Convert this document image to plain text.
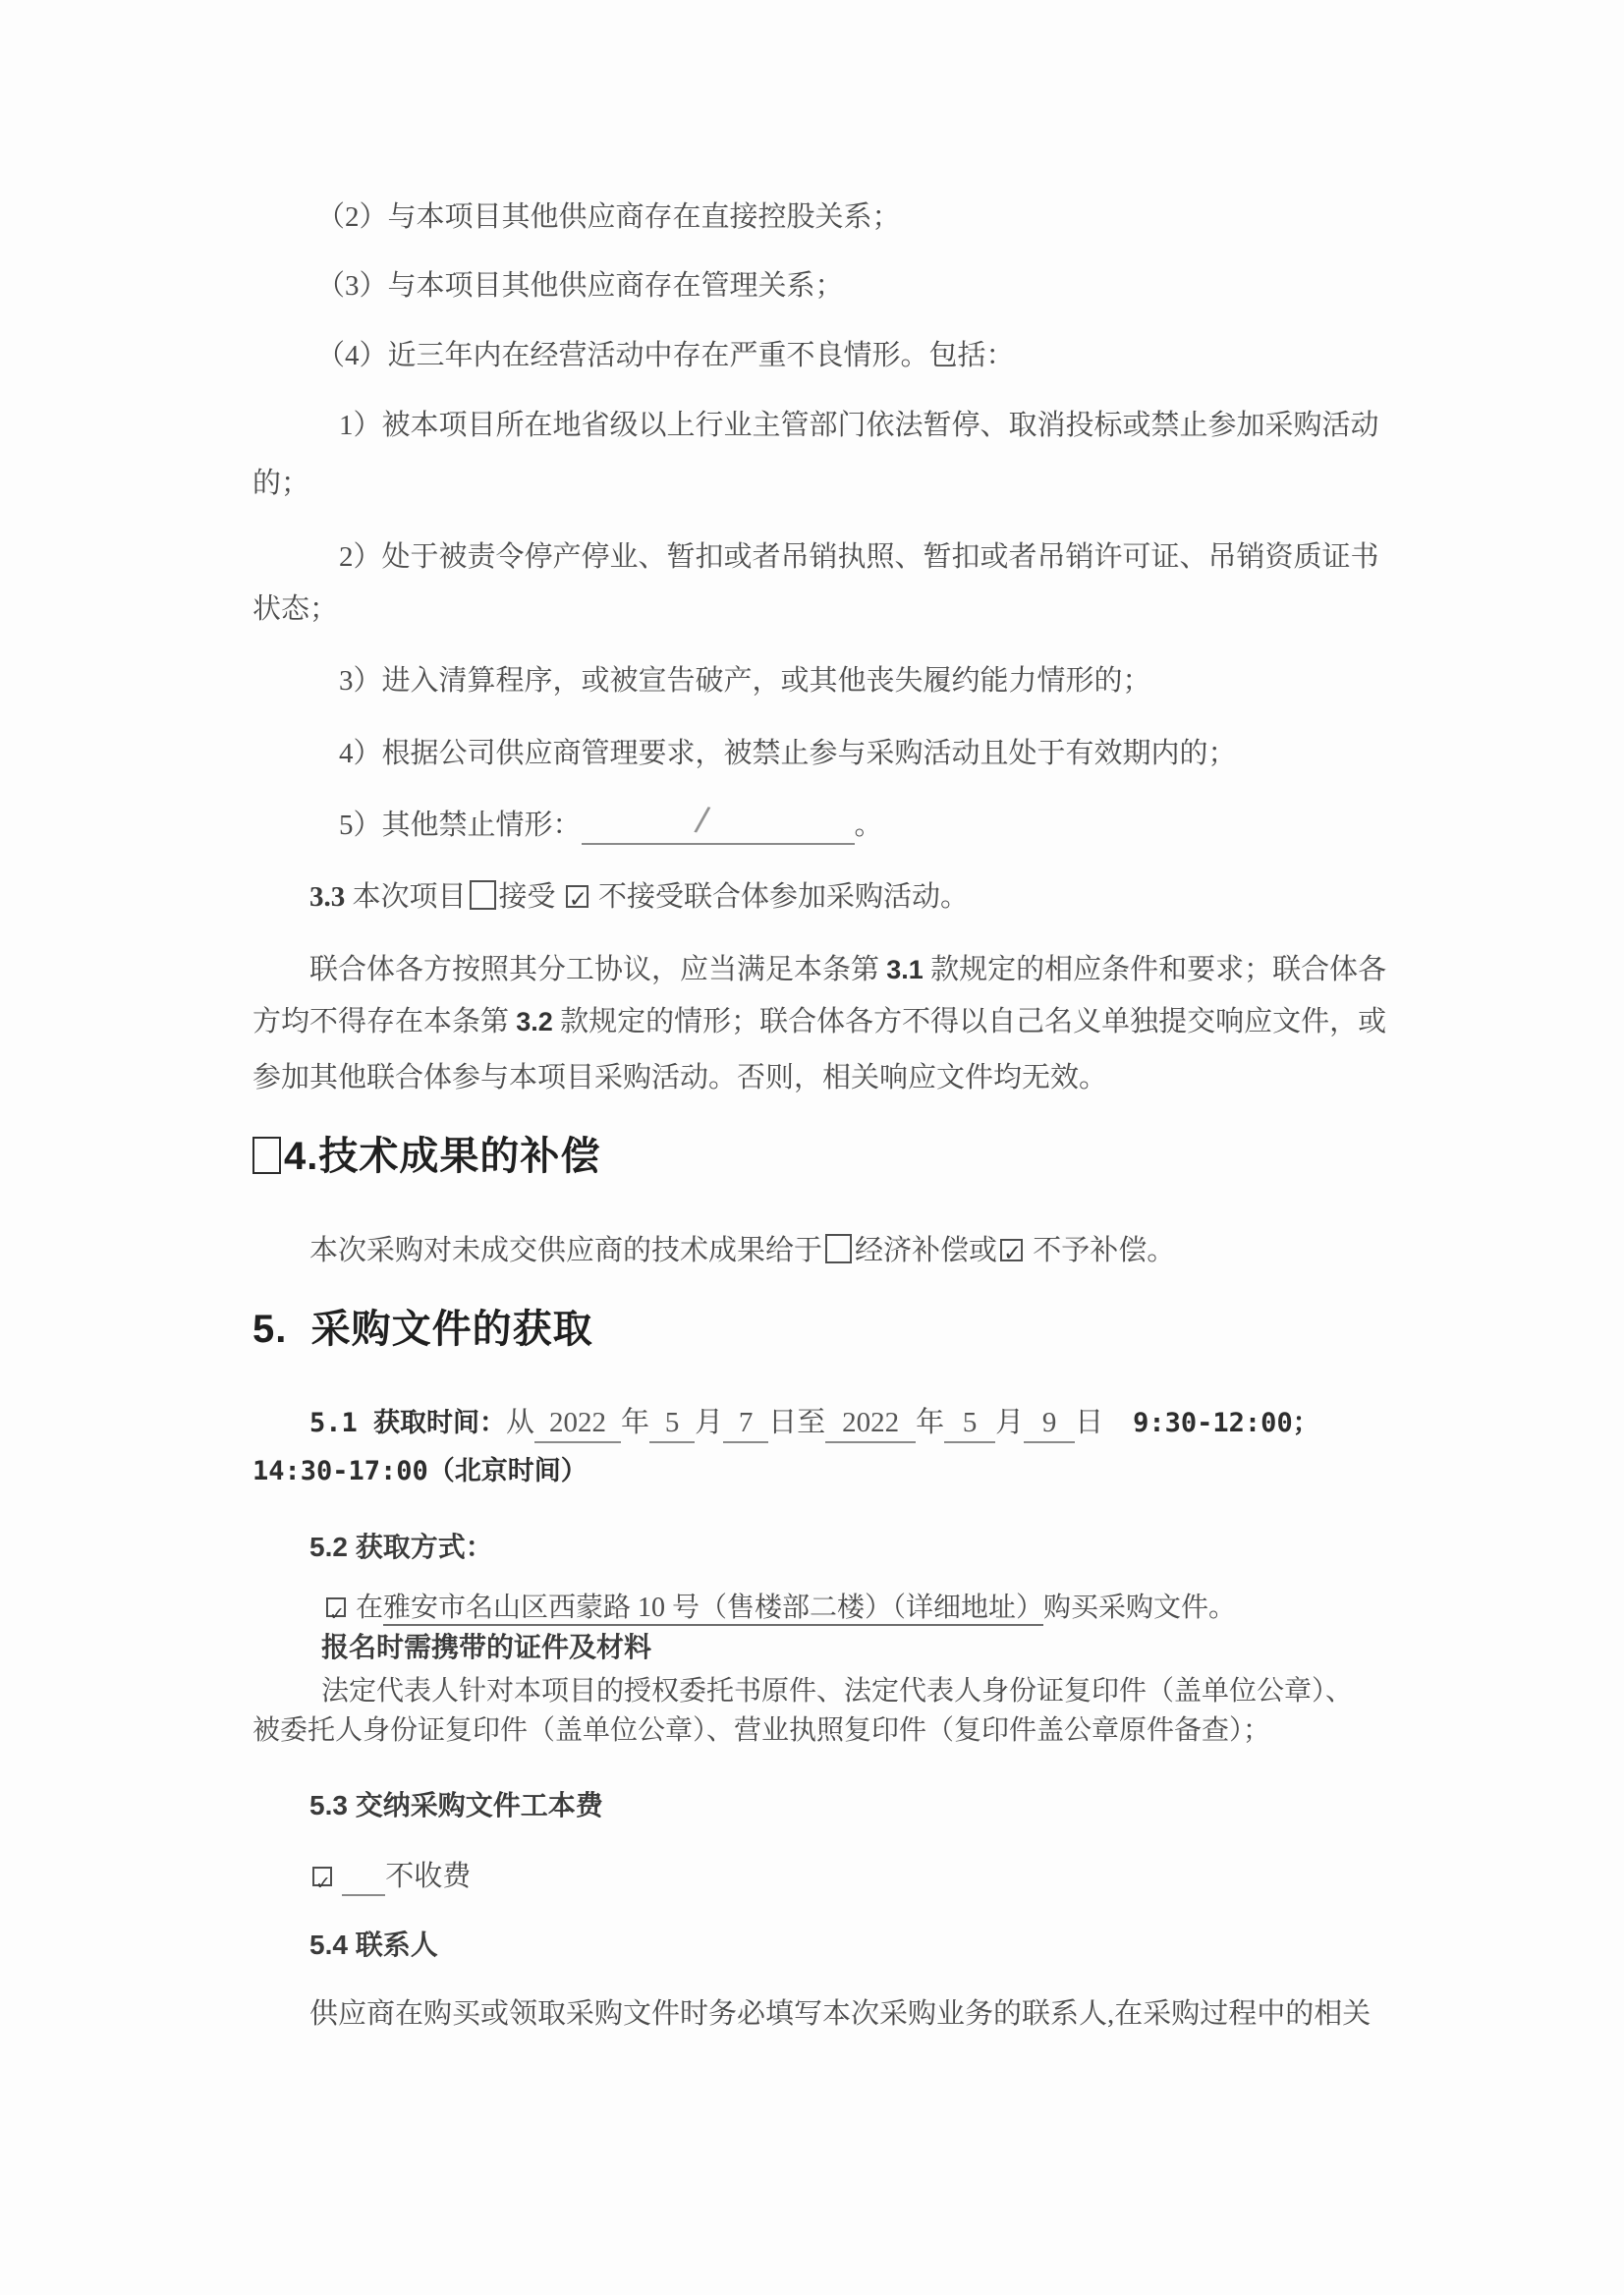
（2）与本项目其他供应商存在直接控股关系；
（3）与本项目其他供应商存在管理关系；
（4）近三年内在经营活动中存在严重不良情形。包括：
1）被本项目所在地省级以上行业主管部门依法暂停、取消投标或禁止参加采购活动
的；
2）处于被责令停产停业、暂扣或者吊销执照、暂扣或者吊销许可证、吊销资质证书
状态；
3）进入清算程序，或被宣告破产，或其他丧失履约能力情形的；
4）根据公司供应商管理要求，被禁止参与采购活动且处于有效期内的；
5）其他禁止情形：	/	。
3.3 本次项目 接受 ✓ 不接受联合体参加采购活动。
联合体各方按照其分工协议，应当满足本条第 3.1 款规定的相应条件和要求；联合体各
方均不得存在本条第 3.2 款规定的情形；联合体各方不得以自己名义单独提交响应文件，或
参加其他联合体参与本项目采购活动。否则，相关响应文件均无效。
4.技术成果的补偿
本次采购对未成交供应商的技术成果给于 经济补偿或✓ 不予补偿。
5.  采购文件的获取
5.1 获取时间：从 2022 年 5 月 7 日至 2022 年 5 月 9 日 9:30-12:00；
14:30-17:00（北京时间）
5.2 获取方式：
✓ 在雅安市名山区西蒙路 10 号（售楼部二楼）（详细地址）购买采购文件。
报名时需携带的证件及材料
法定代表人针对本项目的授权委托书原件、法定代表人身份证复印件（盖单位公章）、
被委托人身份证复印件（盖单位公章）、营业执照复印件（复印件盖公章原件备查）；
5.3 交纳采购文件工本费
✓ 不收费
5.4 联系人
供应商在购买或领取采购文件时务必填写本次采购业务的联系人,在采购过程中的相关
